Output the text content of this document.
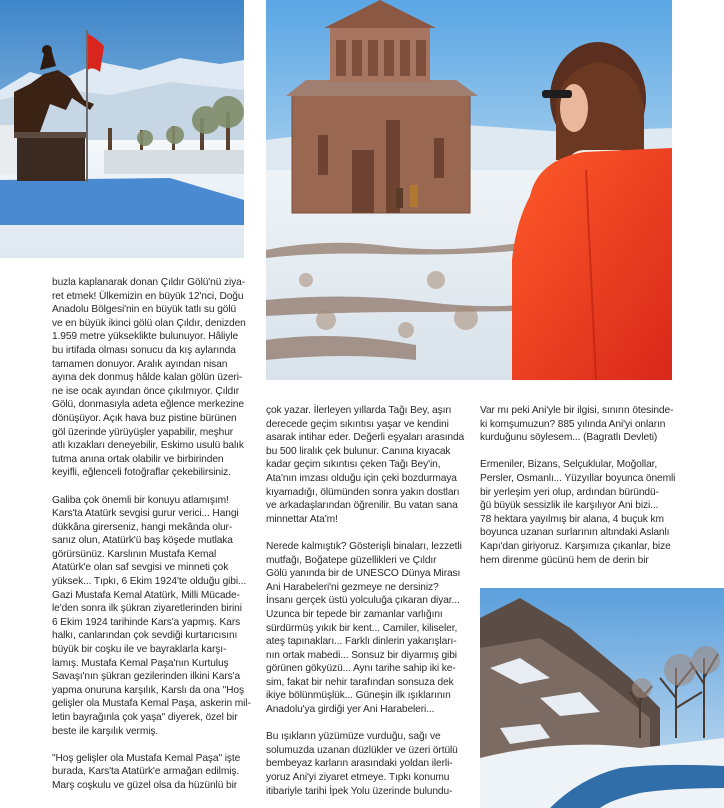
buzla kaplanarak donan Çıldır Gölü'nü ziya-
ret etmek! Ülkemizin en büyük 12'nci, Doğu
Anadolu Bölgesi'nin en büyük tatlı su gölü
ve en büyük ikinci gölü olan Çıldır, denizden
1.959 metre yükseklikte bulunuyor. Hâliyle
bu irtifada olması sonucu da kış aylarında
tamamen donuyor. Aralık ayından nisan
ayına dek donmuş hâlde kalan gölün üzeri-
ne ise ocak ayından önce çıkılmıyor. Çıldır
Gölü, donmasıyla adeta eğlence merkezine
dönüşüyor. Açık hava buz pistine bürünen
göl üzerinde yürüyüşler yapabilir, meşhur
atlı kızakları deneyebilir, Eskimo usulü balık
tutma anına ortak olabilir ve birbirinden
keyifli, eğlenceli fotoğraflar çekebilirsiniz.

Galiba çok önemli bir konuyu atlamışım!
Kars'ta Atatürk sevgisi gurur verici... Hangi
dükkâna girerseniz, hangi mekânda olur-
sanız olun, Atatürk'ü baş köşede mutlaka
görürsünüz. Karslının Mustafa Kemal
Atatürk'e olan saf sevgisi ve minneti çok
yüksek... Tıpkı, 6 Ekim 1924'te olduğu gibi...
Gazi Mustafa Kemal Atatürk, Milli Mücade-
le'den sonra ilk şükran ziyaretlerinden birini
6 Ekim 1924 tarihinde Kars'a yapmış. Kars
halkı, canlarından çok sevdiği kurtarıcısını
büyük bir coşku ile ve bayraklarla karşı-
lamış. Mustafa Kemal Paşa'nın Kurtuluş
Savaşı'nın şükran gezilerinden ilkini Kars'a
yapma onuruna karşılık, Karslı da ona "Hoş
gelişler ola Mustafa Kemal Paşa, askerin mil-
letin bayrağınla çok yaşa" diyerek, özel bir
beste ile karşılık vermiş.

"Hoş gelişler ola Mustafa Kemal Paşa" işte
burada, Kars'ta Atatürk'e armağan edilmiş.
Marş coşkulu ve güzel olsa da hüzünlü bir

çok yazar. İlerleyen yıllarda Tağı Bey, aşırı
derecede geçim sıkıntısı yaşar ve kendini
asarak intihar eder. Değerli eşyaları arasında
bu 500 liralık çek bulunur. Canına kıyacak
kadar geçim sıkıntısı çeken Tağı Bey'in,
Ata'nın imzası olduğu için çeki bozdurmaya
kıyamadığı, ölümünden sonra yakın dostları
ve arkadaşlarından öğrenilir. Bu vatan sana
minnettar Ata'm!

Nerede kalmıştık? Gösterişli binaları, lezzetli
mutfağı, Boğatepe güzellikleri ve Çıldır
Gölü yanında bir de UNESCO Dünya Mirası
Ani Harabeleri'ni gezmeye ne dersiniz?
İnsanı gerçek üstü yolculuğa çıkaran diyar...
Uzunca bir tepede bir zamanlar varlığını
sürdürmüş yıkık bir kent... Camiler, kiliseler,
ateş tapınakları... Farklı dinlerin yakarışları-
nın ortak mabedi... Sonsuz bir diyarmış gibi
görünen gökyüzü... Aynı tarihe sahip iki ke-
sim, fakat bir nehir tarafından sonsuza dek
ikiye bölünmüşlük... Güneşin ilk ışıklarının
Anadolu'ya girdiği yer Ani Harabeleri...

Bu ışıkların yüzümüze vurduğu, sağı ve
solumuzda uzanan düzlükler ve üzeri örtülü
bembeyaz karların arasındaki yoldan ilerli-
yoruz Ani'yi ziyaret etmeye. Tıpkı konumu
itibariyle tarihi İpek Yolu üzerinde bulundu-

Var mı peki Ani'yle bir ilgisi, sınırın ötesinde-
ki komşumuzun? 885 yılında Ani'yi onların
kurduğunu söylesem... (Bagratlı Devleti)

Ermeniler, Bizans, Selçuklular, Moğollar,
Persler, Osmanlı... Yüzyıllar boyunca önemli
bir yerleşim yeri olup, ardından büründü-
ğü büyük sessizlik ile karşılıyor Ani bizi...
78 hektara yayılmış bir alana, 4 buçuk km
boyunca uzanan surlarının altındaki Aslanlı
Kapı'dan giriyoruz. Karşımıza çıkanlar, bize
hem direnme gücünü hem de derin bir
